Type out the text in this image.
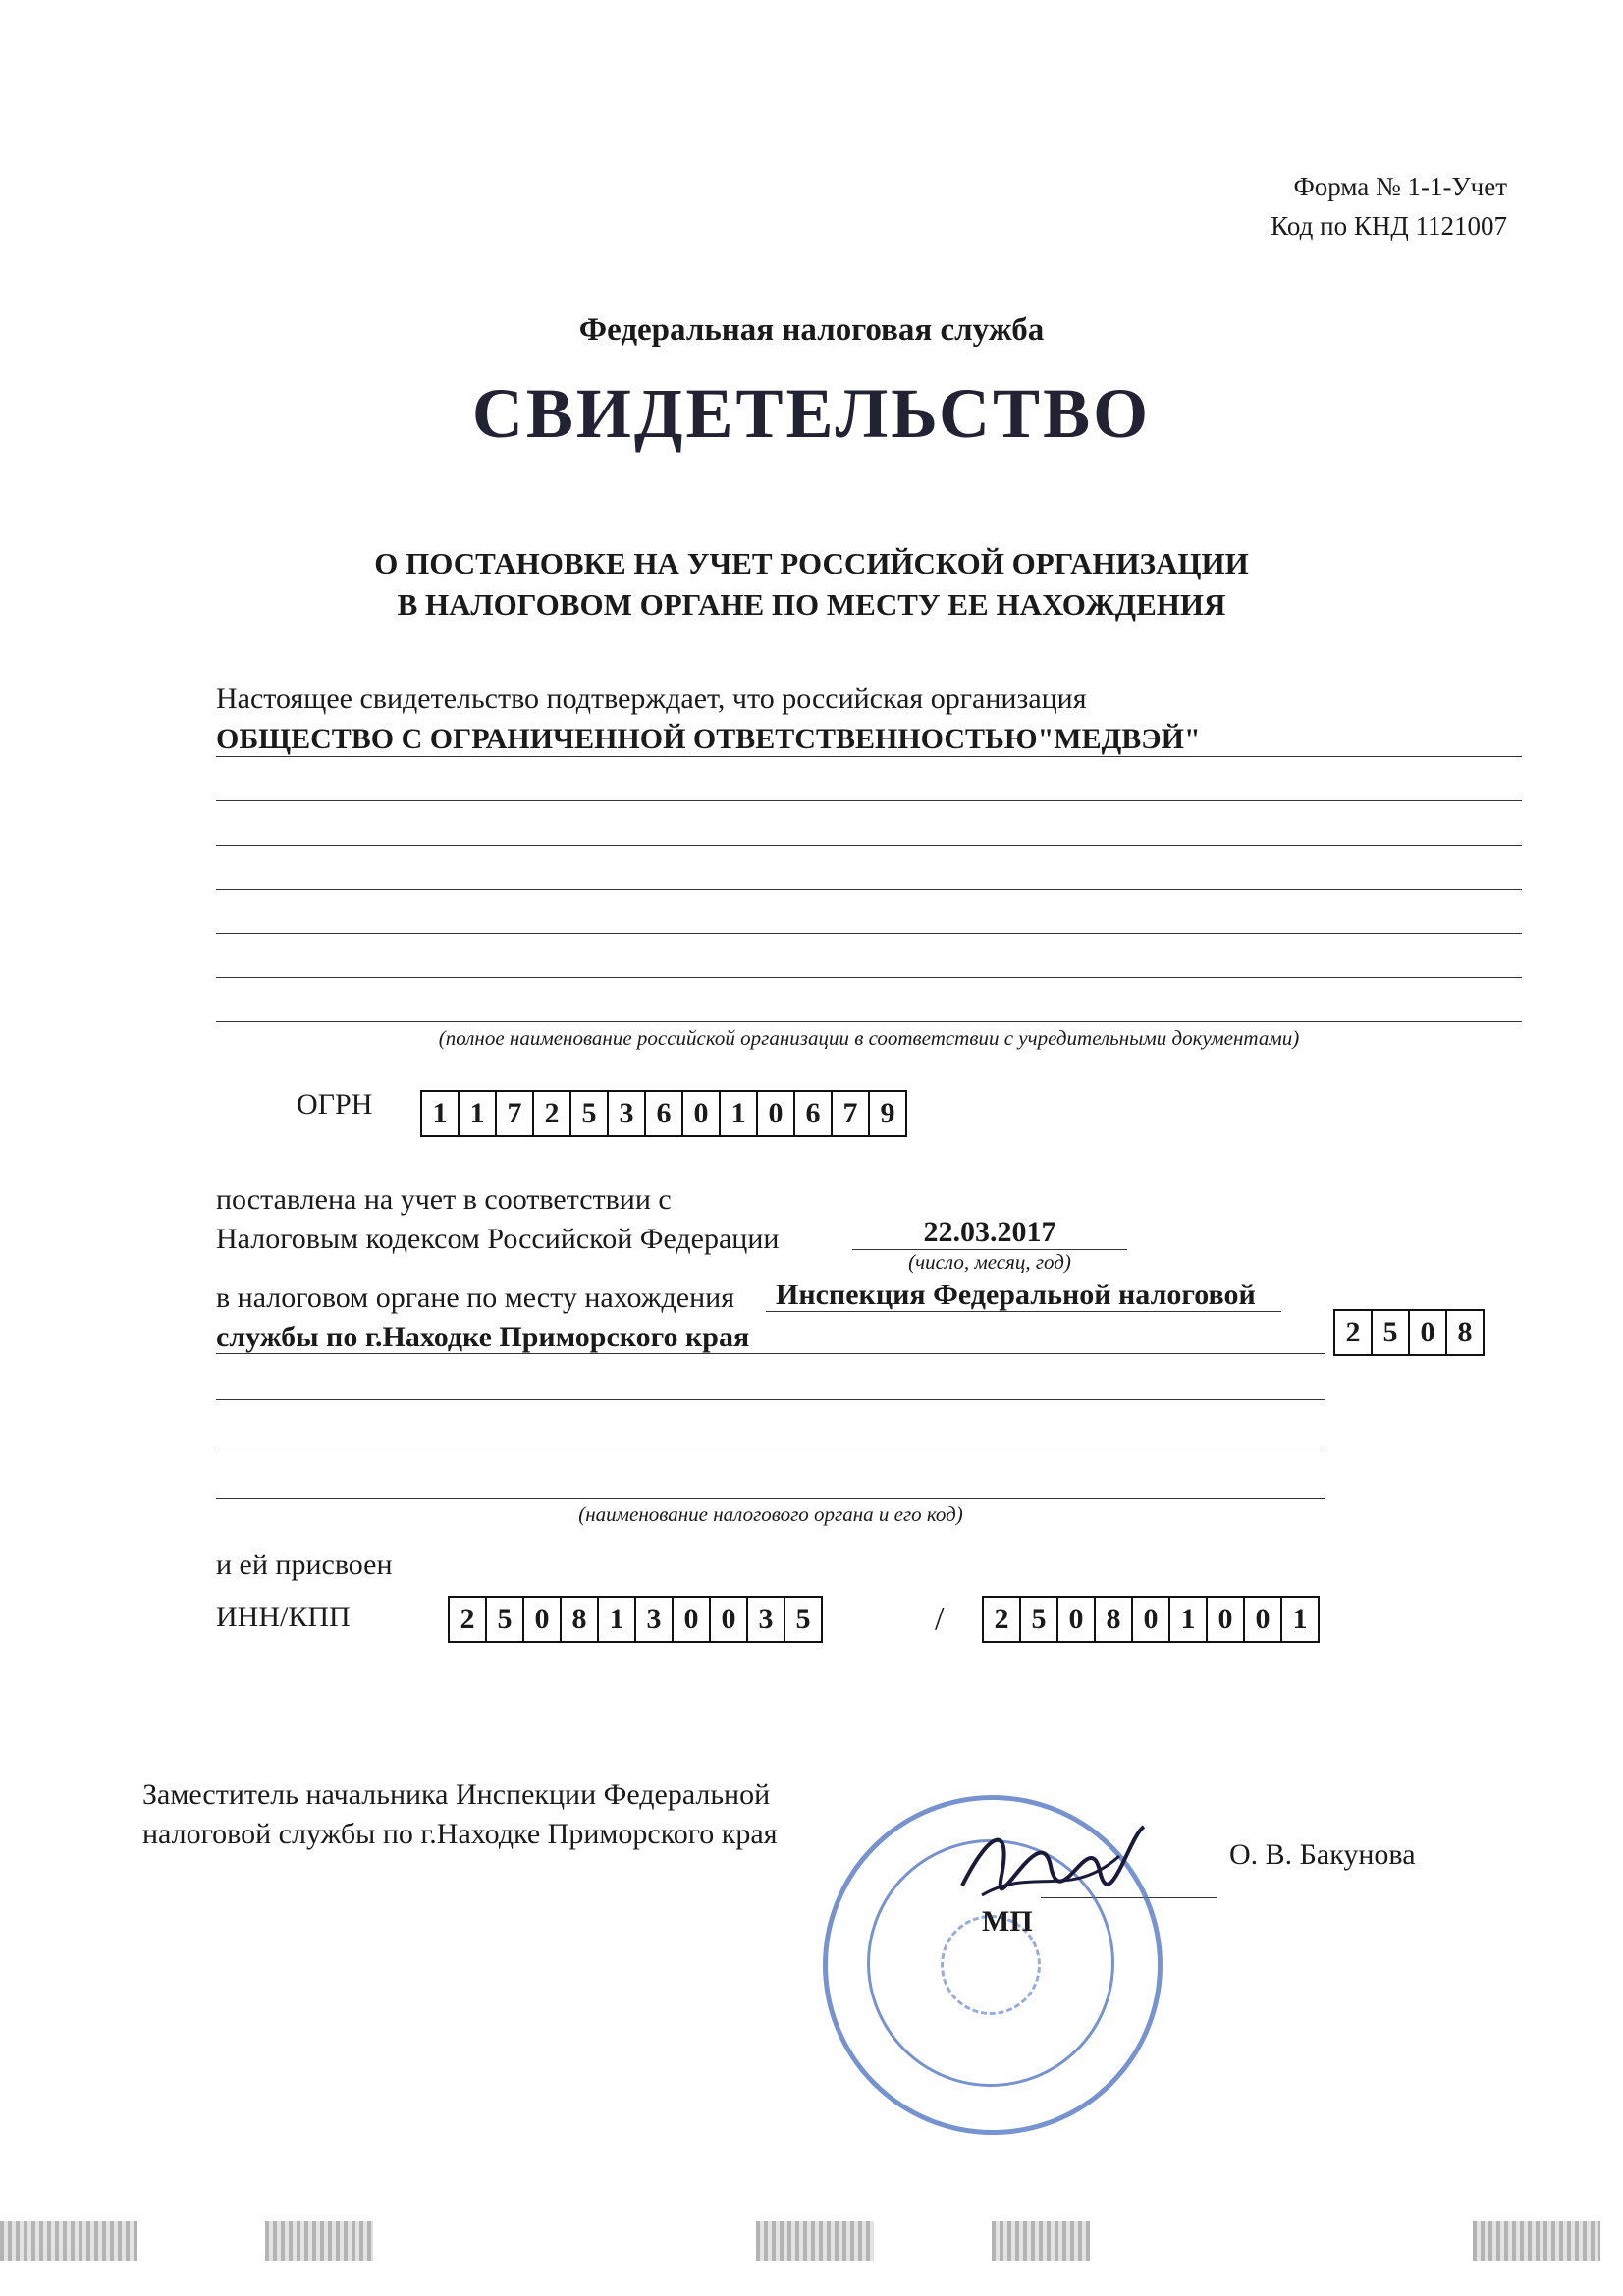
Форма № 1-1-Учет
Код по КНД 1121007
Федеральная налоговая служба
СВИДЕТЕЛЬСТВО
О ПОСТАНОВКЕ НА УЧЕТ РОССИЙСКОЙ ОРГАНИЗАЦИИ
В НАЛОГОВОМ ОРГАНЕ ПО МЕСТУ ЕЕ НАХОЖДЕНИЯ
Настоящее свидетельство подтверждает, что российская организация
ОБЩЕСТВО С ОГРАНИЧЕННОЙ ОТВЕТСТВЕННОСТЬЮ"МЕДВЭЙ"
(полное наименование российской организации в соответствии с учредительными документами)
ОГРН	1 1 7 2 5 3 6 0 1 0 6 7 9
поставлена на учет в соответствии с
Налоговым кодексом Российской Федерации	22.03.2017
(число, месяц, год)
в налоговом органе по месту нахождения Инспекция Федеральной налоговой
службы по г.Находке Приморского края	2 5 0 8
(наименование налогового органа и его код)
и ей присвоен
ИНН/КПП	2 5 0 8 1 3 0 0 3 5	/	2 5 0 8 0 1 0 0 1
Заместитель начальника Инспекции Федеральной
налоговой службы по г.Находке Приморского края
О. В. Бакунова
МП
